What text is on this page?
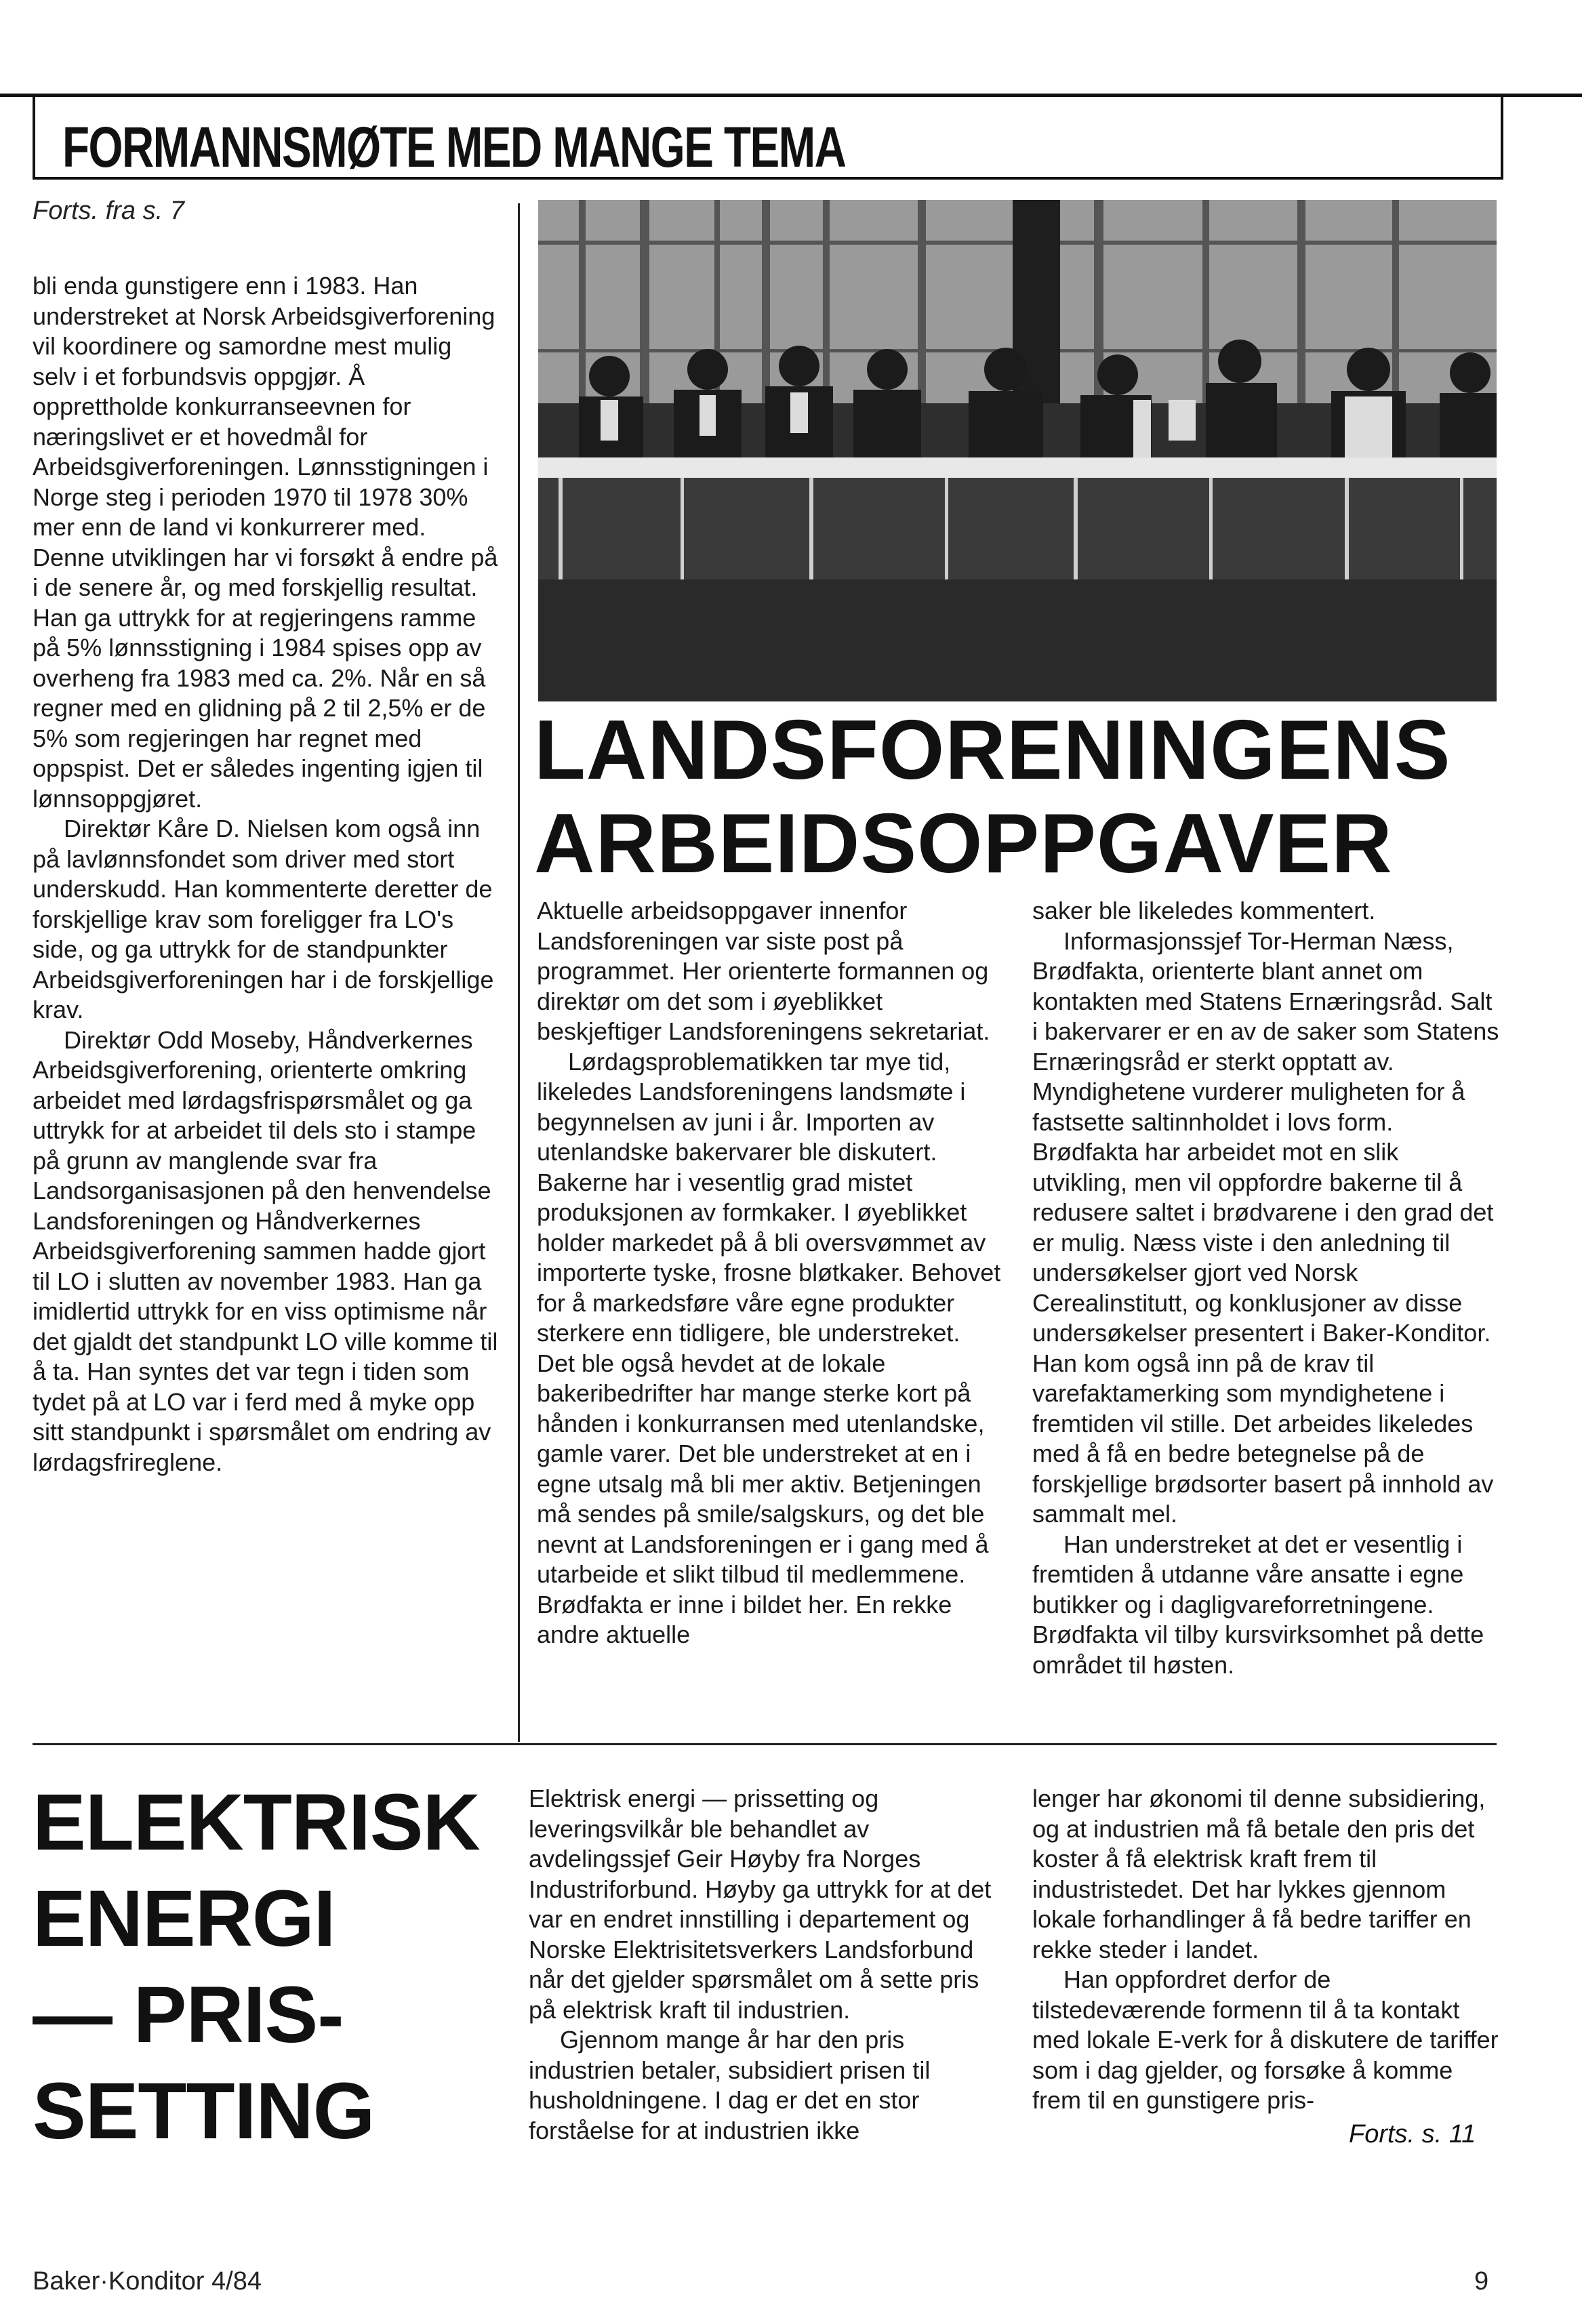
FORMANNSMØTE MED MANGE TEMA
Forts. fra s. 7

bli enda gunstigere enn i 1983. Han understreket at Norsk Arbeidsgiverforening vil koordinere og samordne mest mulig selv i et forbundsvis oppgjør. Å opprettholde konkurranseevnen for næringslivet er et hovedmål for Arbeidsgiverforeningen. Lønnsstigningen i Norge steg i perioden 1970 til 1978 30% mer enn de land vi konkurrerer med. Denne utviklingen har vi forsøkt å endre på i de senere år, og med forskjellig resultat. Han ga uttrykk for at regjeringens ramme på 5% lønnsstigning i 1984 spises opp av overheng fra 1983 med ca. 2%. Når en så regner med en glidning på 2 til 2,5% er de 5% som regjeringen har regnet med oppspist. Det er således ingenting igjen til lønnsoppgjøret.

Direktør Kåre D. Nielsen kom også inn på lavlønnsfondet som driver med stort underskudd. Han kommenterte deretter de forskjellige krav som foreligger fra LO's side, og ga uttrykk for de standpunkter Arbeidsgiverforeningen har i de forskjellige krav.

Direktør Odd Moseby, Håndverkernes Arbeidsgiverforening, orienterte omkring arbeidet med lørdagsfrispørsmålet og ga uttrykk for at arbeidet til dels sto i stampe på grunn av manglende svar fra Landsorganisasjonen på den henvendelse Landsforeningen og Håndverkernes Arbeidsgiverforening sammen hadde gjort til LO i slutten av november 1983. Han ga imidlertid uttrykk for en viss optimisme når det gjaldt det standpunkt LO ville komme til å ta. Han syntes det var tegn i tiden som tydet på at LO var i ferd med å myke opp sitt standpunkt i spørsmålet om endring av lørdagsfrireglene.

LANDSFORENINGENS
ARBEIDSOPPGAVER

Aktuelle arbeidsoppgaver innenfor Landsforeningen var siste post på programmet. Her orienterte formannen og direktør om det som i øyeblikket beskjeftiger Landsforeningens sekretariat.

Lørdagsproblematikken tar mye tid, likeledes Landsforeningens landsmøte i begynnelsen av juni i år. Importen av utenlandske bakervarer ble diskutert. Bakerne har i vesentlig grad mistet produksjonen av formkaker. I øyeblikket holder markedet på å bli oversvømmet av importerte tyske, frosne bløtkaker. Behovet for å markedsføre våre egne produkter sterkere enn tidligere, ble understreket. Det ble også hevdet at de lokale bakeribedrifter har mange sterke kort på hånden i konkurransen med utenlandske, gamle varer. Det ble understreket at en i egne utsalg må bli mer aktiv. Betjeningen må sendes på smile/salgskurs, og det ble nevnt at Landsforeningen er i gang med å utarbeide et slikt tilbud til medlemmene. Brødfakta er inne i bildet her. En rekke andre aktuelle

saker ble likeledes kommentert.

Informasjonssjef Tor-Herman Næss, Brødfakta, orienterte blant annet om kontakten med Statens Ernæringsråd. Salt i bakervarer er en av de saker som Statens Ernæringsråd er sterkt opptatt av. Myndighetene vurderer muligheten for å fastsette saltinnholdet i lovs form. Brødfakta har arbeidet mot en slik utvikling, men vil oppfordre bakerne til å redusere saltet i brødvarene i den grad det er mulig. Næss viste i den anledning til undersøkelser gjort ved Norsk Cerealinstitutt, og konklusjoner av disse undersøkelser presentert i Baker-Konditor. Han kom også inn på de krav til varefaktamerking som myndighetene i fremtiden vil stille. Det arbeides likeledes med å få en bedre betegnelse på de forskjellige brødsorter basert på innhold av sammalt mel.

Han understreket at det er vesentlig i fremtiden å utdanne våre ansatte i egne butikker og i dagligvareforretningene. Brødfakta vil tilby kursvirksomhet på dette området til høsten.

ELEKTRISK
ENERGI
— PRIS-
SETTING

Elektrisk energi — prissetting og leveringsvilkår ble behandlet av avdelingssjef Geir Høyby fra Norges Industriforbund. Høyby ga uttrykk for at det var en endret innstilling i departement og Norske Elektrisitetsverkers Landsforbund når det gjelder spørsmålet om å sette pris på elektrisk kraft til industrien.

Gjennom mange år har den pris industrien betaler, subsidiert prisen til husholdningene. I dag er det en stor forståelse for at industrien ikke

lenger har økonomi til denne subsidiering, og at industrien må få betale den pris det koster å få elektrisk kraft frem til industristedet. Det har lykkes gjennom lokale forhandlinger å få bedre tariffer en rekke steder i landet.

Han oppfordret derfor de tilstedeværende formenn til å ta kontakt med lokale E-verk for å diskutere de tariffer som i dag gjelder, og forsøke å komme frem til en gunstigere pris-

Forts. s. 11
Baker·Konditor 4/84	9
